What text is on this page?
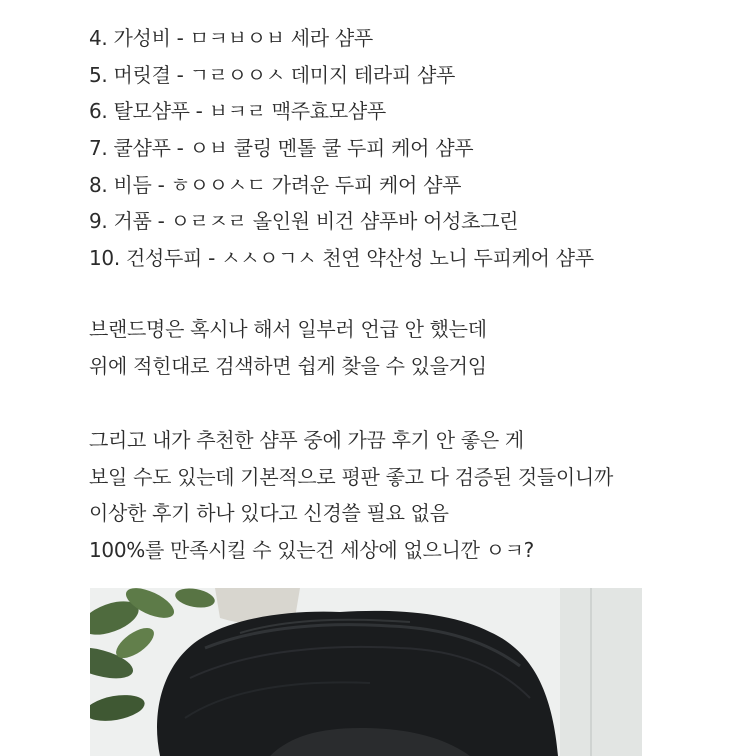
4. 가성비 - ㅁㅋㅂㅇㅂ 세라 샴푸
5. 머릿결 - ㄱㄹㅇㅇㅅ 데미지 테라피 샴푸
6. 탈모샴푸 - ㅂㅋㄹ 맥주효모샴푸
7. 쿨샴푸 - ㅇㅂ 쿨링 멘톨 쿨 두피 케어 샴푸
8. 비듬 - ㅎㅇㅇㅅㄷ 가려운 두피 케어 샴푸
9. 거품 - ㅇㄹㅈㄹ 올인원 비건 샴푸바 어성초그린
10. 건성두피 - ㅅㅅㅇㄱㅅ 천연 약산성 노니 두피케어 샴푸
브랜드명은 혹시나 해서 일부러 언급 안 했는데
위에 적힌대로 검색하면 쉽게 찾을 수 있을거임
그리고 내가 추천한 샴푸 중에 가끔 후기 안 좋은 게
보일 수도 있는데 기본적으로 평판 좋고 다 검증된 것들이니까
이상한 후기 하나 있다고 신경쓸 필요 없음
100%를 만족시킬 수 있는건 세상에 없으니깐 ㅇㅋ?
